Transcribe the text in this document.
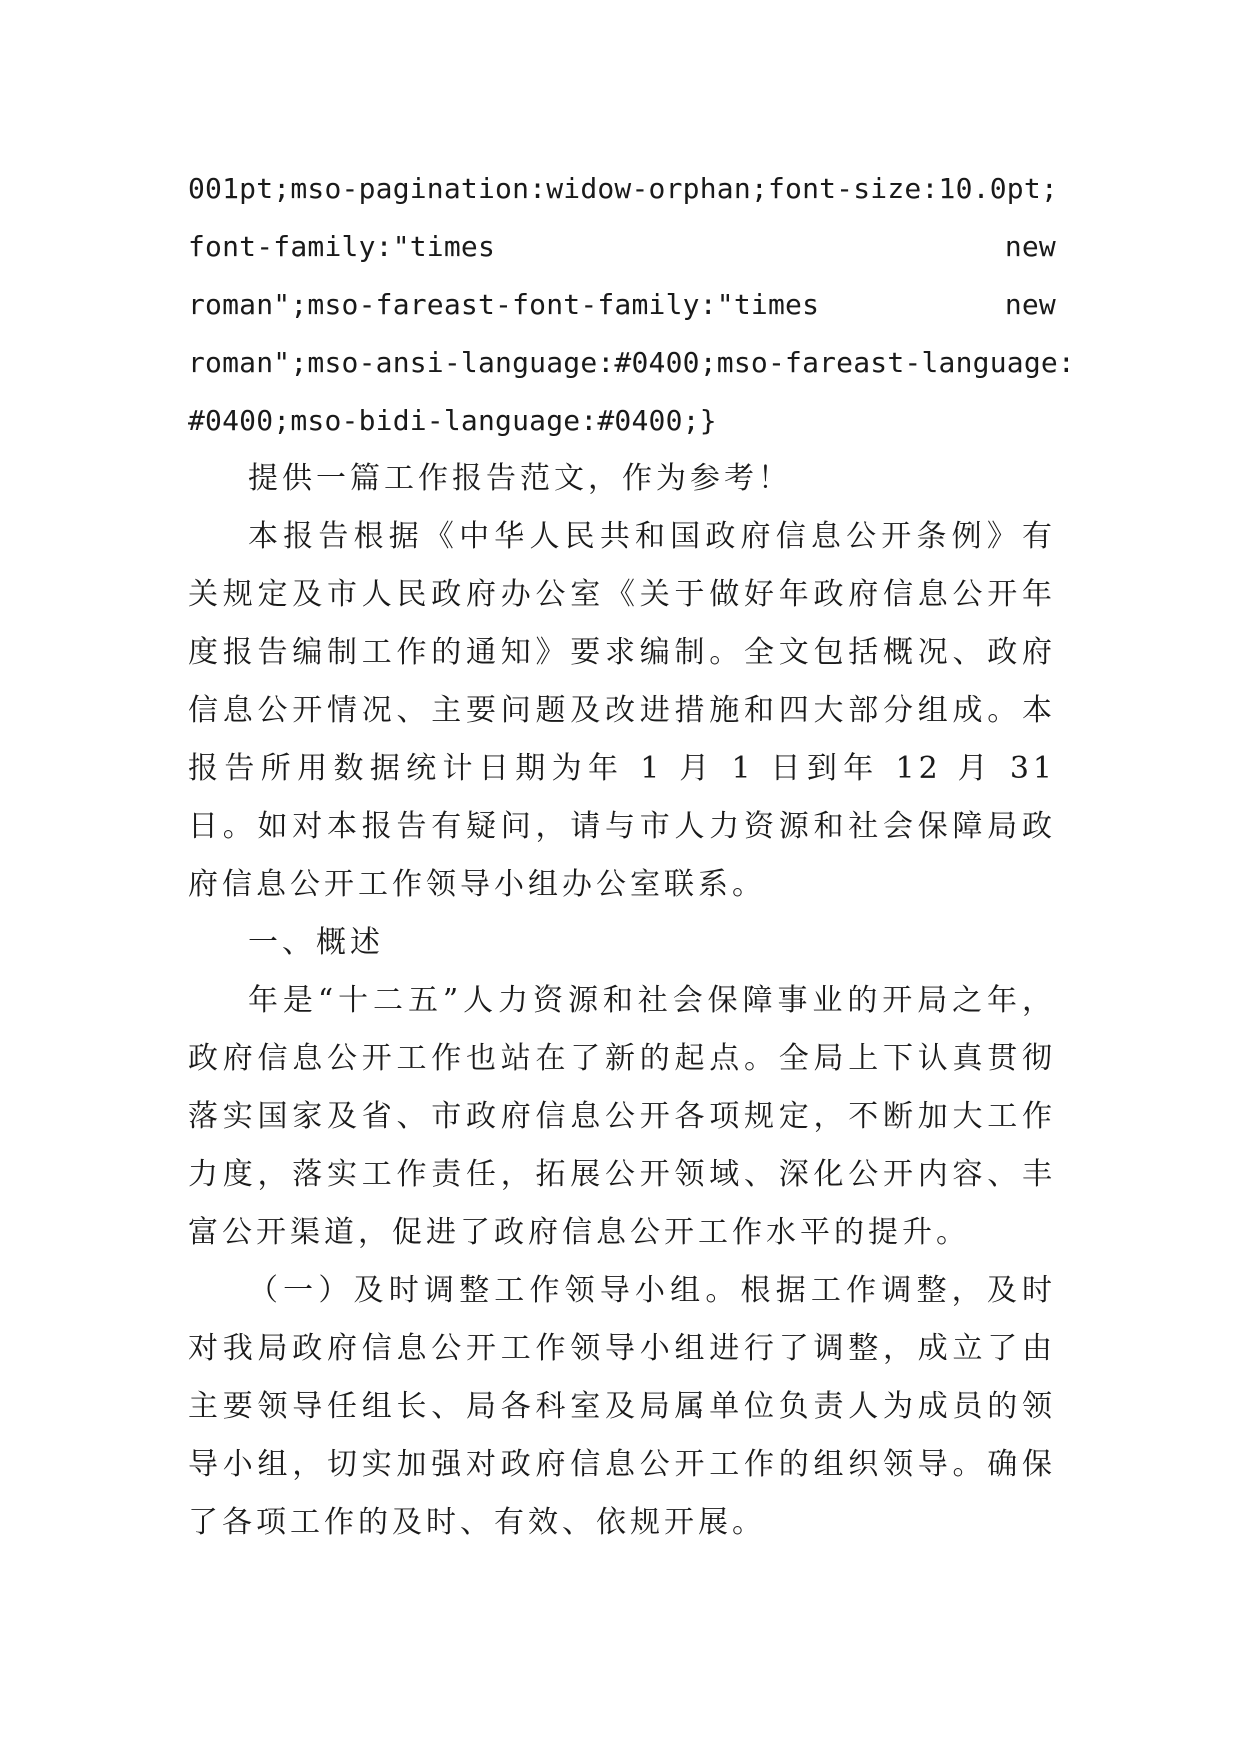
001pt;mso-pagination:widow-orphan;font-size:10.0pt;
font-family:"times	new
roman";mso-fareast-font-family:"times	new
roman";mso-ansi-language:#0400;mso-fareast-language:
#0400;mso-bidi-language:#0400;}

提供一篇工作报告范文，作为参考！

本报告根据《中华人民共和国政府信息公开条例》有关规定及市人民政府办公室《关于做好年政府信息公开年度报告编制工作的通知》要求编制。全文包括概况、政府信息公开情况、主要问题及改进措施和四大部分组成。本报告所用数据统计日期为年 1 月 1 日到年 12 月 31 日。如对本报告有疑问，请与市人力资源和社会保障局政府信息公开工作领导小组办公室联系。

一、概述

年是“十二五”人力资源和社会保障事业的开局之年，政府信息公开工作也站在了新的起点。全局上下认真贯彻落实国家及省、市政府信息公开各项规定，不断加大工作力度，落实工作责任，拓展公开领域、深化公开内容、丰富公开渠道，促进了政府信息公开工作水平的提升。

（一）及时调整工作领导小组。根据工作调整，及时对我局政府信息公开工作领导小组进行了调整，成立了由主要领导任组长、局各科室及局属单位负责人为成员的领导小组，切实加强对政府信息公开工作的组织领导。确保了各项工作的及时、有效、依规开展。
